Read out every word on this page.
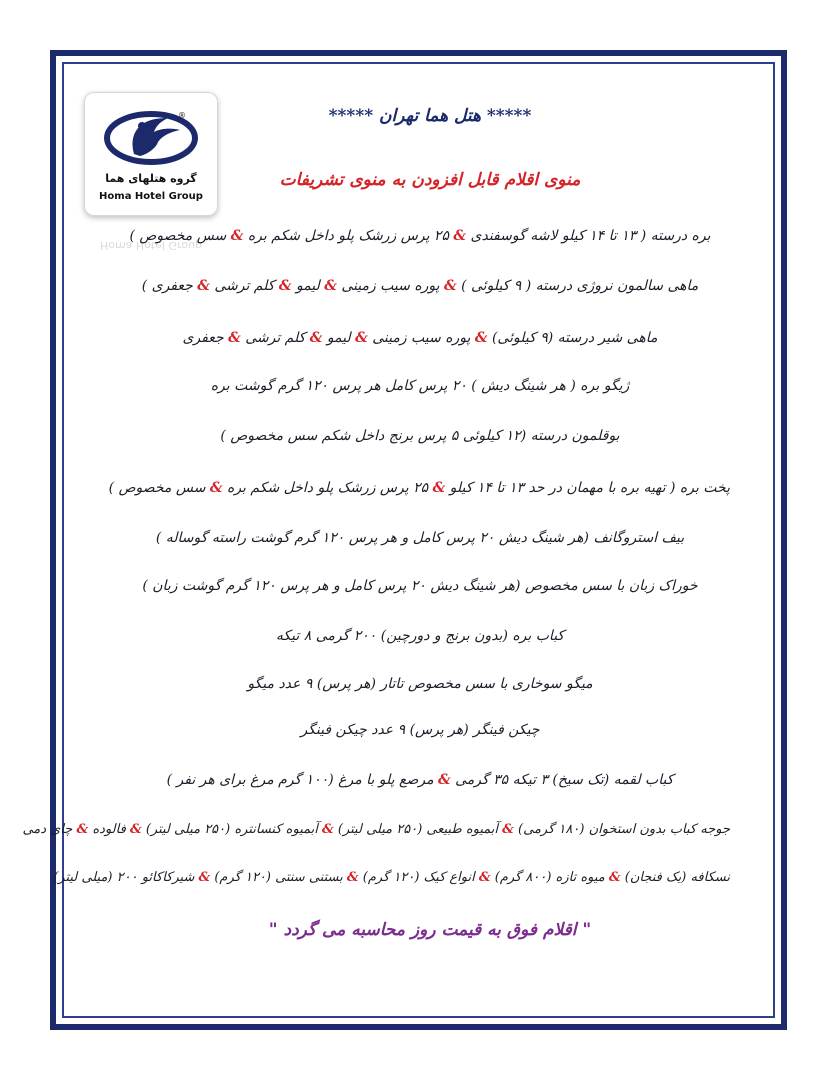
®
گروه هتلهای هما
Homa Hotel Group
Homa Hotel Group
***** هتل هما تهران *****
منوی اقلام قابل افزودن به منوی تشریفات
بره درسته ( ۱۳ تا ۱۴ کیلو لاشه گوسفندی & ۲۵ پرس زرشک پلو داخل شکم بره & سس مخصوص )
ماهی سالمون نروژی درسته ( ۹ کیلوئی ) & پوره سیب زمینی & لیمو & کلم ترشی & جعفری )
ماهی شیر درسته (۹ کیلوئی) & پوره سیب زمینی & لیمو & کلم ترشی & جعفری
ژیگو بره ( هر شینگ دیش ) ۲۰ پرس کامل هر پرس ۱۲۰ گرم گوشت بره
بوقلمون درسته (۱۲ کیلوئی ۵ پرس برنج داخل شکم سس مخصوص )
پخت بره ( تهیه بره با مهمان در حد ۱۳ تا ۱۴ کیلو & ۲۵ پرس زرشک پلو داخل شکم بره & سس مخصوص )
بیف استروگانف (هر شینگ دیش ۲۰ پرس کامل و هر پرس ۱۲۰ گرم گوشت راسته گوساله )
خوراک زبان با سس مخصوص (هر شینگ دیش ۲۰ پرس کامل و هر پرس ۱۲۰ گرم گوشت زبان )
کباب بره (بدون برنج و دورچین) ۲۰۰ گرمی ۸ تیکه
میگو سوخاری با سس مخصوص تاتار (هر پرس) ۹ عدد میگو
چیکن فینگر (هر پرس) ۹ عدد چیکن فینگر
کباب لقمه (تک سیخ) ۳ تیکه ۳۵ گرمی & مرصع پلو با مرغ (۱۰۰ گرم مرغ برای هر نفر )
جوجه کباب بدون استخوان (۱۸۰ گرمی) & آبمیوه طبیعی (۲۵۰ میلی لیتر) & آبمیوه کنسانتره (۲۵۰ میلی لیتر) & فالوده & چای دمی
نسکافه (یک فنجان) & میوه تازه (۸۰۰ گرم) & انواع کیک (۱۲۰ گرم) & بستنی سنتی (۱۲۰ گرم) & شیرکاکائو ۲۰۰ (میلی لیتر)
" اقلام فوق به قیمت روز محاسبه می گردد "
